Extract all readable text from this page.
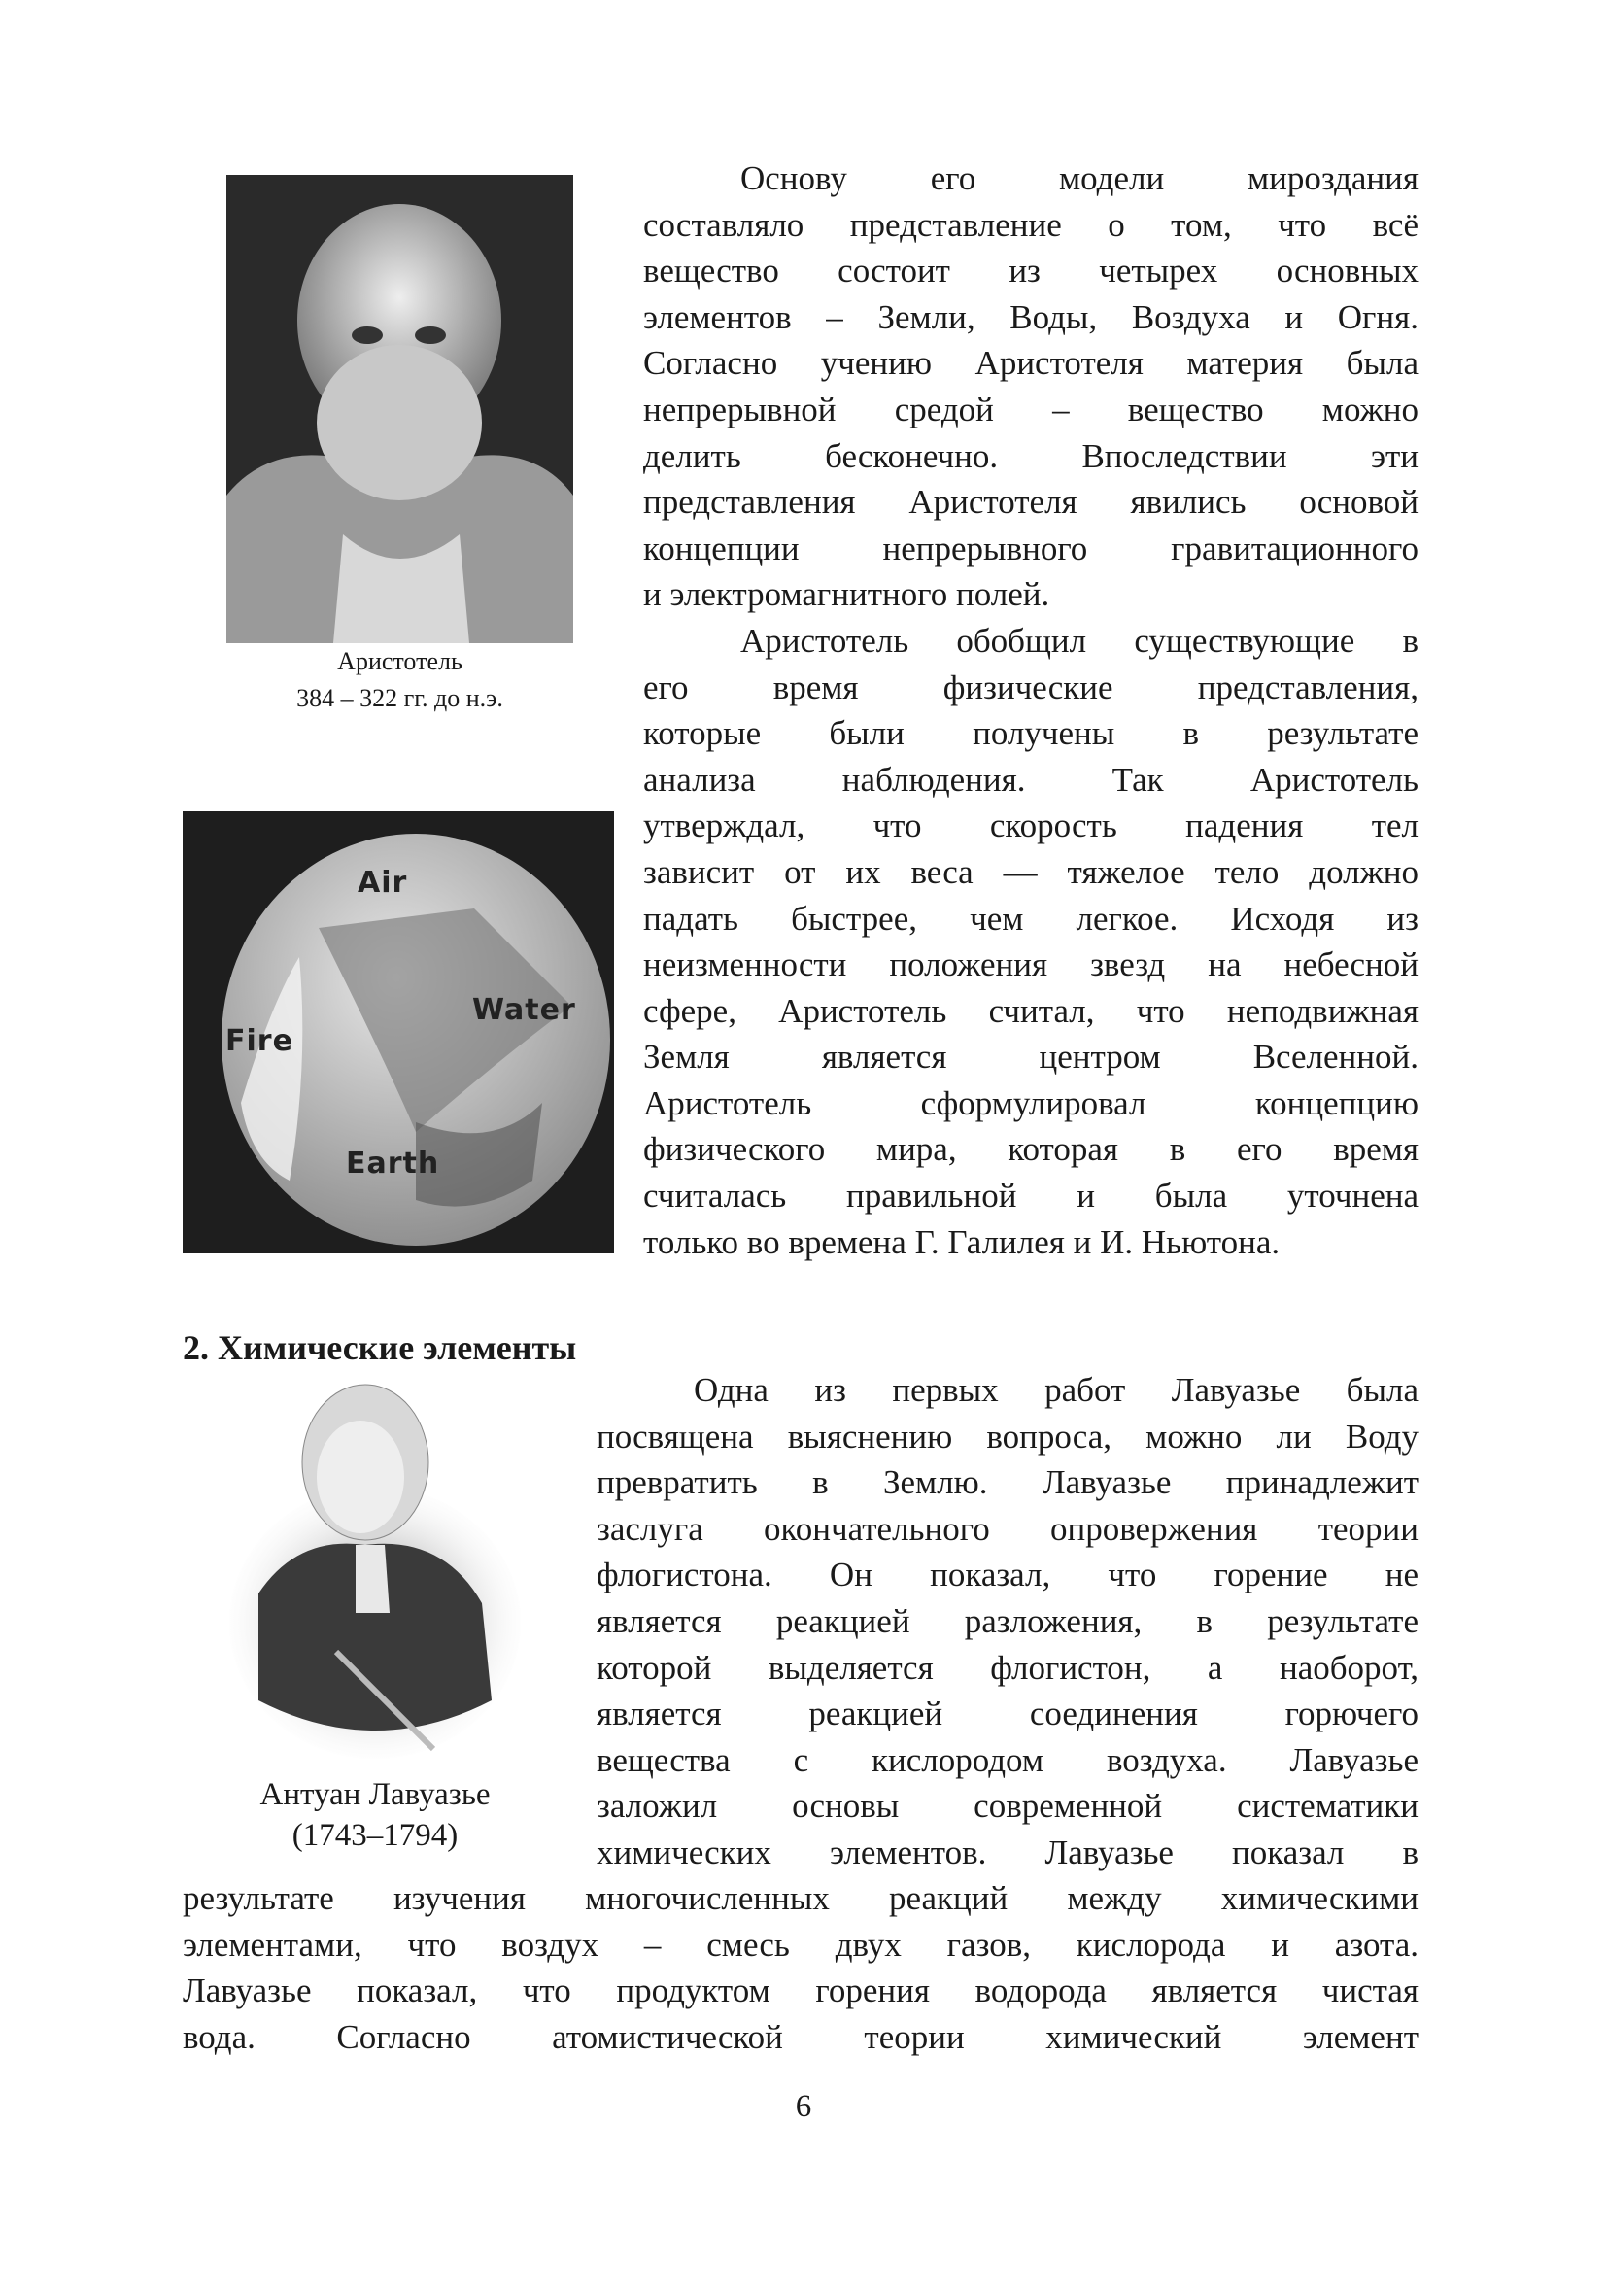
Аристотель
384 – 322 гг. до н.э.
Air
Water
Fire
Earth
Основу его модели мироздания
составляло представление о том, что всё
вещество состоит из четырех основных
элементов – Земли, Воды, Воздуха и Огня.
Согласно учению Аристотеля материя была
непрерывной средой – вещество можно
делить бесконечно. Впоследствии эти
представления Аристотеля явились основой
концепции непрерывного гравитационного
и электромагнитного полей.
Аристотель обобщил существующие в
его время физические представления,
которые были получены в результате
анализа наблюдения. Так Аристотель
утверждал, что скорость падения тел
зависит от их веса — тяжелое тело должно
падать быстрее, чем легкое. Исходя из
неизменности положения звезд на небесной
сфере, Аристотель считал, что неподвижная
Земля является центром Вселенной.
Аристотель сформулировал концепцию
физического мира, которая в его время
считалась правильной и была уточнена
только во времена Г. Галилея и И. Ньютона.
2. Химические элементы
Антуан Лавуазье
(1743–1794)
Одна из первых работ Лавуазье была
посвящена выяснению вопроса, можно ли Воду
превратить в Землю. Лавуазье принадлежит
заслуга окончательного опровержения теории
флогистона. Он показал, что горение не
является реакцией разложения, в результате
которой выделяется флогистон, а наоборот,
является реакцией соединения горючего
вещества с кислородом воздуха. Лавуазье
заложил основы современной систематики
химических элементов. Лавуазье показал в
результате изучения многочисленных реакций между химическими
элементами, что воздух – смесь двух газов, кислорода и азота.
Лавуазье показал, что продуктом горения водорода является чистая
вода. Согласно атомистической теории химический элемент
6
